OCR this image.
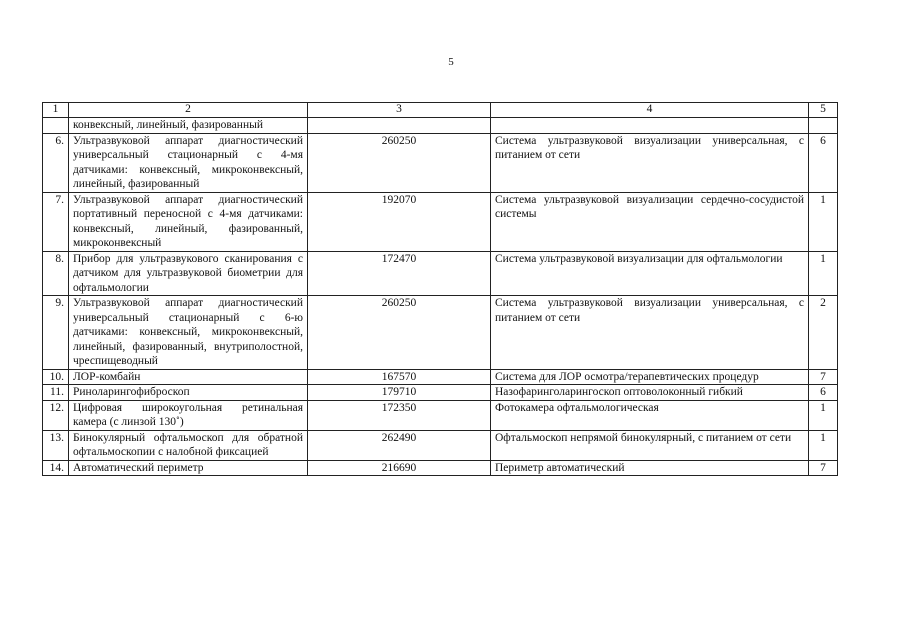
5
1	2	3	4	5
	конвексный, линейный, фазированный			
6.	Ультразвуковой аппарат диагностический универсальный стационарный с 4-мя датчиками: конвексный, микроконвексный, линейный, фазированный	260250	Система ультразвуковой визуализации универсальная, с питанием от сети	6
7.	Ультразвуковой аппарат диагностический портативный переносной с 4-мя датчиками: конвексный, линейный, фазированный, микроконвексный	192070	Система ультразвуковой визуализации сердечно-сосудистой системы	1
8.	Прибор для ультразвукового сканирования с датчиком для ультразвуковой биометрии для офтальмологии	172470	Система ультразвуковой визуализации для офтальмологии	1
9.	Ультразвуковой аппарат диагностический универсальный стационарный с 6-ю датчиками: конвексный, микроконвексный, линейный, фазированный, внутриполостной, чреспищеводный	260250	Система ультразвуковой визуализации универсальная, с питанием от сети	2
10.	ЛОР-комбайн	167570	Система для ЛОР осмотра/терапевтических процедур	7
11.	Риноларингофиброскоп	179710	Назофаринголарингоскоп оптоволоконный гибкий	6
12.	Цифровая широкоугольная ретинальная камера (с линзой 130˚)	172350	Фотокамера офтальмологическая	1
13.	Бинокулярный офтальмоскоп для обратной офтальмоскопии с налобной фиксацией	262490	Офтальмоскоп непрямой бинокулярный, с питанием от сети	1
14.	Автоматический периметр	216690	Периметр автоматический	7
